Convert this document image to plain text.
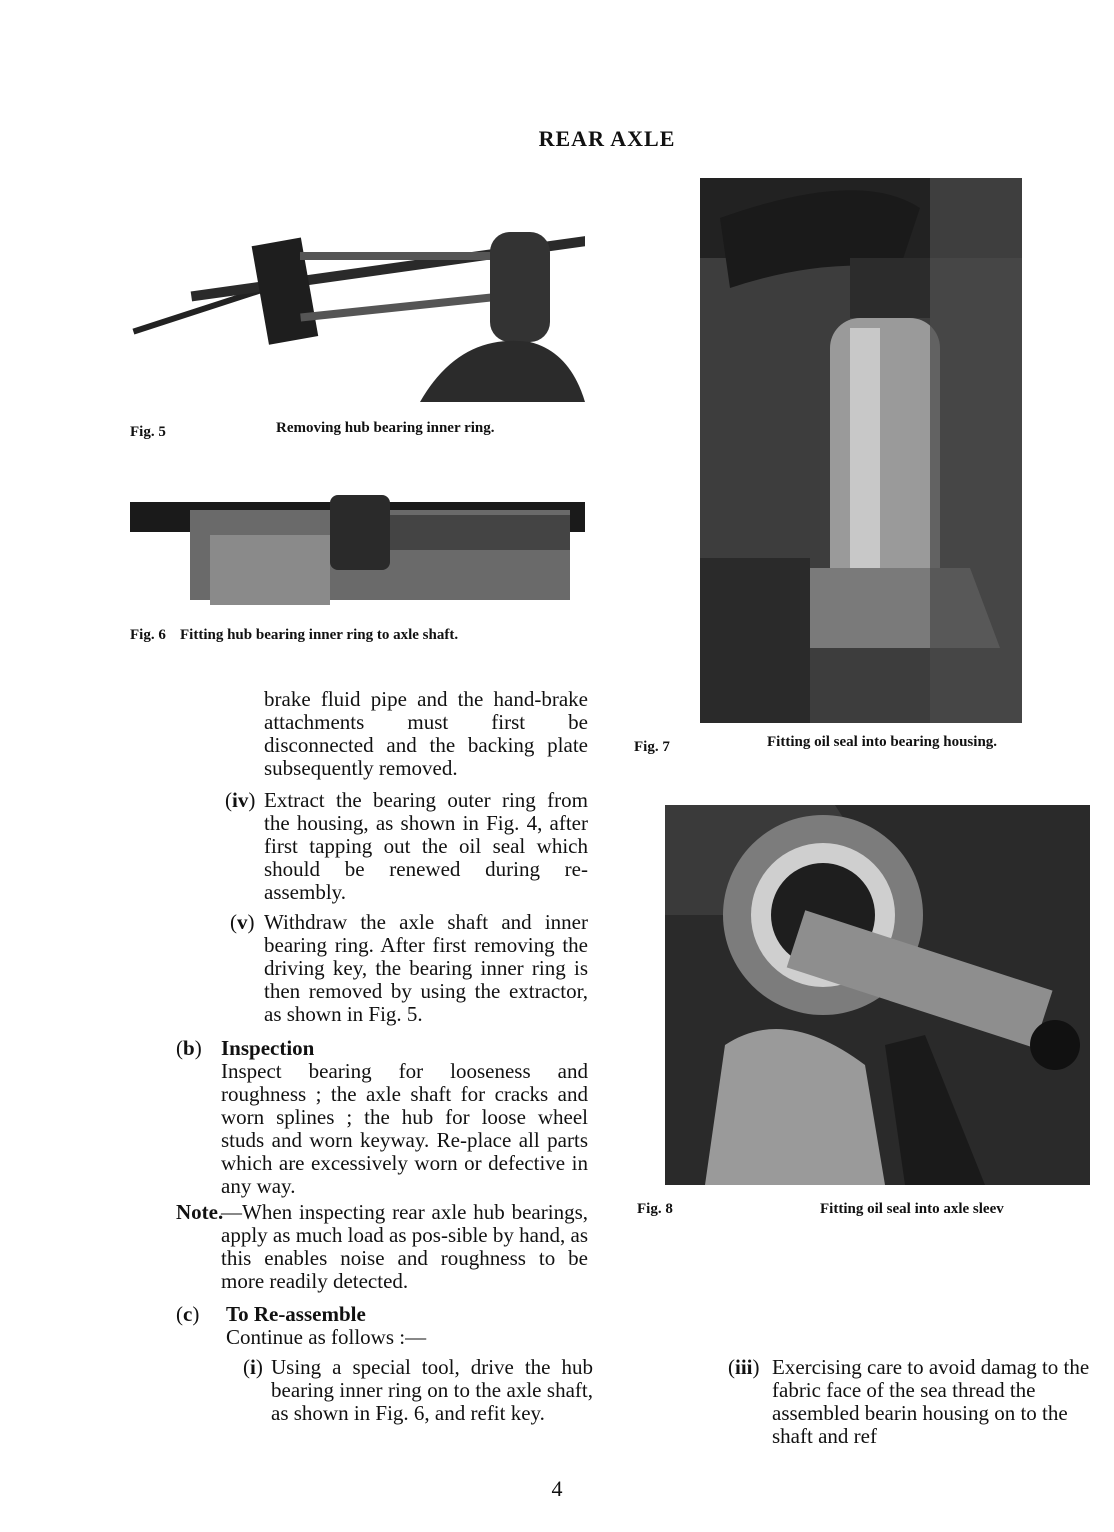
REAR AXLE
Fig. 5	Removing hub bearing inner ring.
Fig. 6 Fitting hub bearing inner ring to axle shaft.
Fig. 7	Fitting oil seal into bearing housing.
Fig. 8	Fitting oil seal into axle sleev
brake fluid pipe and the hand-brake attachments must first be disconnected and the backing plate subsequently removed.
(iv) Extract the bearing outer ring from the housing, as shown in Fig. 4, after first tapping out the oil seal which should be renewed during re-assembly.
(v) Withdraw the axle shaft and inner bearing ring. After first removing the driving key, the bearing inner ring is then removed by using the extractor, as shown in Fig. 5.
(b) Inspection
Inspect bearing for looseness and roughness ; the axle shaft for cracks and worn splines ; the hub for loose wheel studs and worn keyway. Re-place all parts which are excessively worn or defective in any way.
Note.
—When inspecting rear axle hub bearings, apply as much load as pos-sible by hand, as this enables noise and roughness to be more readily detected.
(c) To Re-assemble
Continue as follows :—
(i) Using a special tool, drive the hub bearing inner ring on to the axle shaft, as shown in Fig. 6, and refit key.
(iii) Exercising care to avoid damag to the fabric face of the sea thread the assembled bearin housing on to the shaft and ref
4
